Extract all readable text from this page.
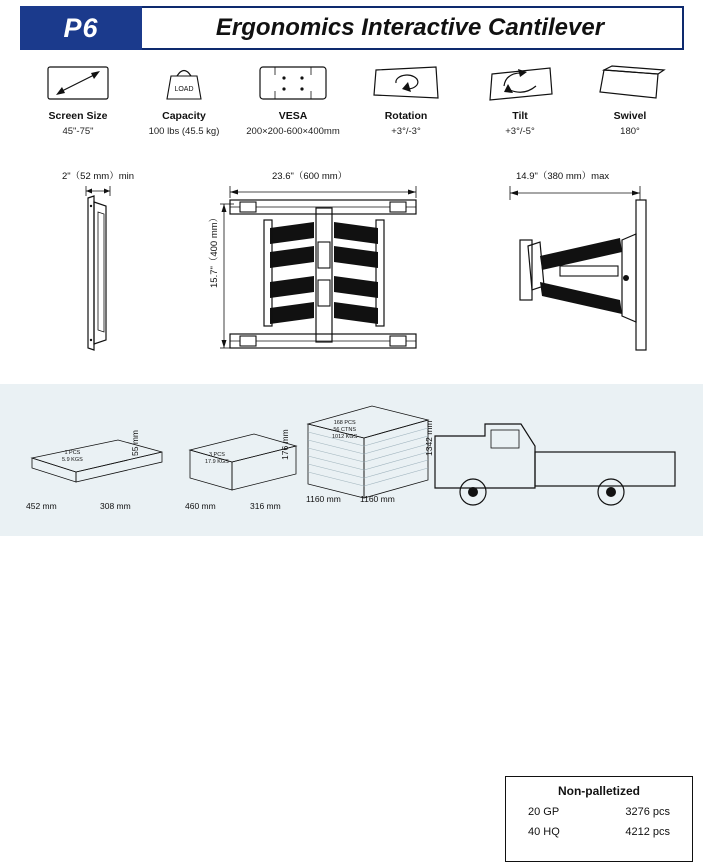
P6	Ergonomics Interactive Cantilever
Screen Size
45"-75"
LOAD
Capacity
100 lbs (45.5 kg)
VESA
200×200-600×400mm
Rotation
+3°/-3°
Tilt
+3°/-5°
Swivel
180°
2"（52 mm）min	23.6"（600 mm）
15.7"（400 mm）
14.9"（380 mm）max
1 PCS
5.9 KGS
452 mm	308 mm
55 mm	3 PCS
17.9 KGS
460 mm	316 mm
176 mm
168 PCS
56 CTNS
1012 KGS	1342 mm
1160 mm 1160 mm
Non-palletized
20 GP	3276 pcs
40 HQ	4212 pcs
